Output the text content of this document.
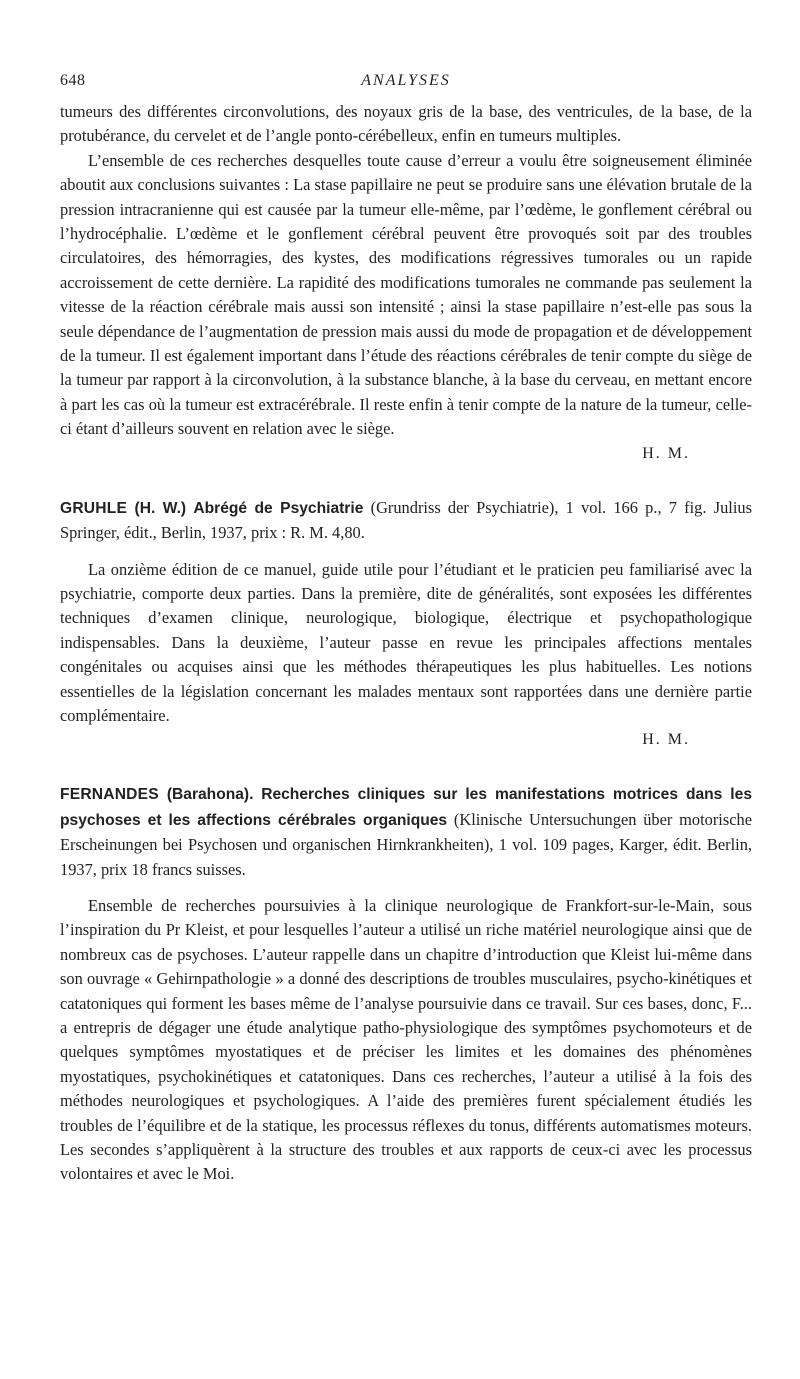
648	ANALYSES

tumeurs des différentes circonvolutions, des noyaux gris de la base, des ventricules, de la base, de la protubérance, du cervelet et de l’angle ponto-cérébelleux, enfin en tumeurs multiples.

L’ensemble de ces recherches desquelles toute cause d’erreur a voulu être soigneusement éliminée aboutit aux conclusions suivantes : La stase papillaire ne peut se produire sans une élévation brutale de la pression intracranienne qui est causée par la tumeur elle-même, par l’œdème, le gonflement cérébral ou l’hydrocéphalie. L’œdème et le gonflement cérébral peuvent être provoqués soit par des troubles circulatoires, des hémorragies, des kystes, des modifications régressives tumorales ou un rapide accroissement de cette dernière. La rapidité des modifications tumorales ne commande pas seulement la vitesse de la réaction cérébrale mais aussi son intensité ; ainsi la stase papillaire n’est-elle pas sous la seule dépendance de l’augmentation de pression mais aussi du mode de propagation et de développement de la tumeur. Il est également important dans l’étude des réactions cérébrales de tenir compte du siège de la tumeur par rapport à la circonvolution, à la substance blanche, à la base du cerveau, en mettant encore à part les cas où la tumeur est extracérébrale. Il reste enfin à tenir compte de la nature de la tumeur, celle-ci étant d’ailleurs souvent en relation avec le siège.

H. M.
GRUHLE (H. W.) Abrégé de Psychiatrie (Grundriss der Psychiatrie), 1 vol. 166 p., 7 fig. Julius Springer, édit., Berlin, 1937, prix : R. M. 4,80.

La onzième édition de ce manuel, guide utile pour l’étudiant et le praticien peu familiarisé avec la psychiatrie, comporte deux parties. Dans la première, dite de généralités, sont exposées les différentes techniques d’examen clinique, neurologique, biologique, électrique et psychopathologique indispensables. Dans la deuxième, l’auteur passe en revue les principales affections mentales congénitales ou acquises ainsi que les méthodes thérapeutiques les plus habituelles. Les notions essentielles de la législation concernant les malades mentaux sont rapportées dans une dernière partie complémentaire.

H. M.
FERNANDES (Barahona). Recherches cliniques sur les manifestations motrices dans les psychoses et les affections cérébrales organiques (Klinische Untersuchungen über motorische Erscheinungen bei Psychosen und organischen Hirnkrankheiten), 1 vol. 109 pages, Karger, édit. Berlin, 1937, prix 18 francs suisses.

Ensemble de recherches poursuivies à la clinique neurologique de Frankfort-sur-le-Main, sous l’inspiration du Pr Kleist, et pour lesquelles l’auteur a utilisé un riche matériel neurologique ainsi que de nombreux cas de psychoses. L’auteur rappelle dans un chapitre d’introduction que Kleist lui-même dans son ouvrage « Gehirnpathologie » a donné des descriptions de troubles musculaires, psycho-kinétiques et catatoniques qui forment les bases même de l’analyse poursuivie dans ce travail. Sur ces bases, donc, F... a entrepris de dégager une étude analytique patho-physiologique des symptômes psychomoteurs et de quelques symptômes myostatiques et de préciser les limites et les domaines des phénomènes myostatiques, psychokinétiques et catatoniques. Dans ces recherches, l’auteur a utilisé à la fois des méthodes neurologiques et psychologiques. A l’aide des premières furent spécialement étudiés les troubles de l’équilibre et de la statique, les processus réflexes du tonus, différents automatismes moteurs. Les secondes s’appliquèrent à la structure des troubles et aux rapports de ceux-ci avec les processus volontaires et avec le Moi.
